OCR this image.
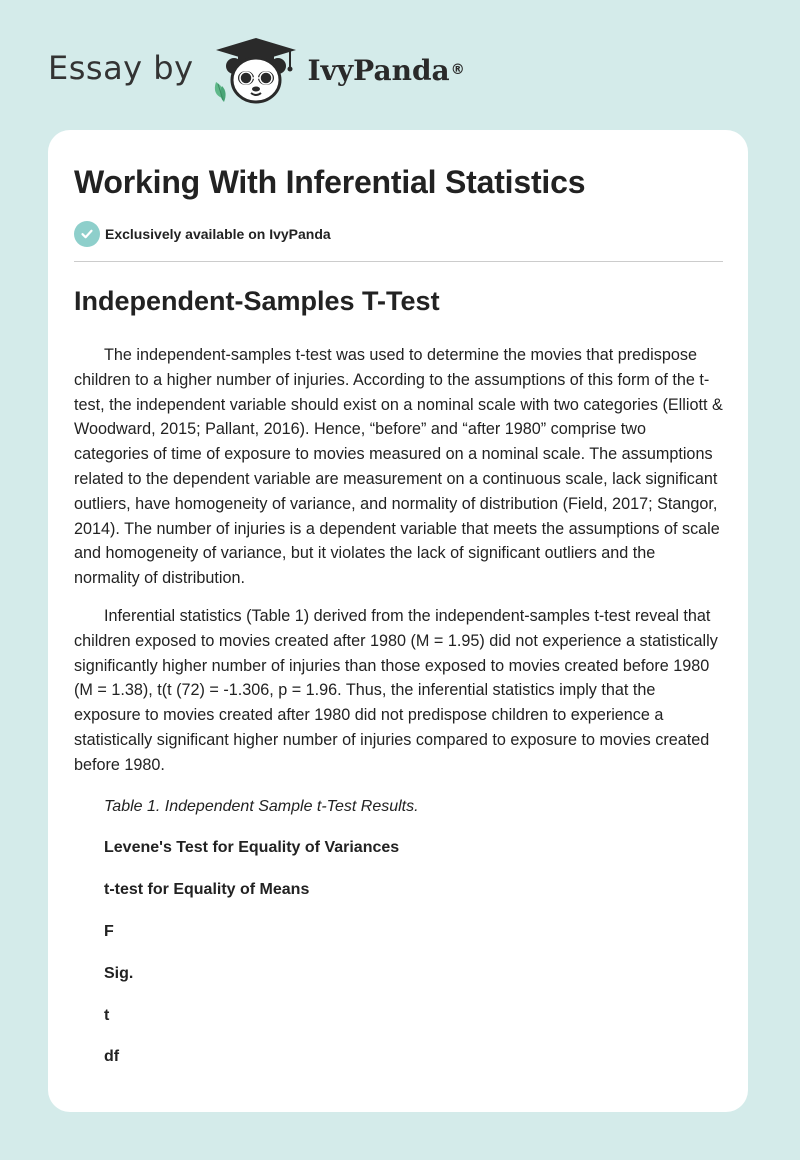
Essay by	IvyPanda ®
Working With Inferential Statistics
Exclusively available on IvyPanda
Independent-Samples T-Test

The independent-samples t-test was used to determine the movies that predispose children to a higher number of injuries. According to the assumptions of this form of the t-test, the independent variable should exist on a nominal scale with two categories (Elliott & Woodward, 2015; Pallant, 2016). Hence, “before” and “after 1980” comprise two categories of time of exposure to movies measured on a nominal scale. The assumptions related to the dependent variable are measurement on a continuous scale, lack significant outliers, have homogeneity of variance, and normality of distribution (Field, 2017; Stangor, 2014). The number of injuries is a dependent variable that meets the assumptions of scale and homogeneity of variance, but it violates the lack of significant outliers and the normality of distribution.

Inferential statistics (Table 1) derived from the independent-samples t-test reveal that children exposed to movies created after 1980 (M = 1.95) did not experience a statistically significantly higher number of injuries than those exposed to movies created before 1980 (M = 1.38), t(t (72) = -1.306, p = 1.96. Thus, the inferential statistics imply that the exposure to movies created after 1980 did not predispose children to experience a statistically significant higher number of injuries compared to exposure to movies created before 1980.

Table 1. Independent Sample t-Test Results.

Levene's Test for Equality of Variances

t-test for Equality of Means

F

Sig.

t

df
